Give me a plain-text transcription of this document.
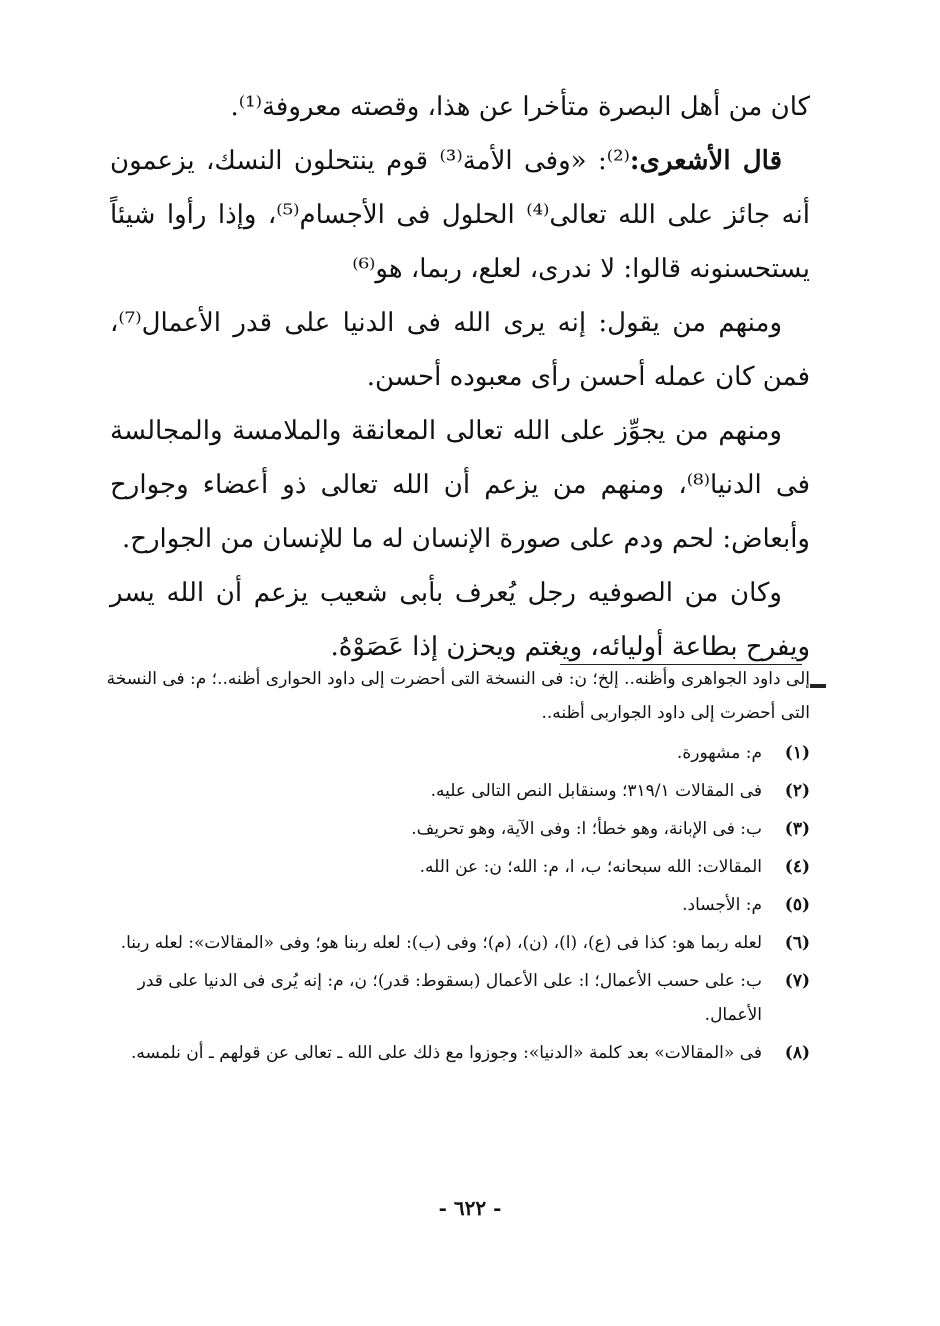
كان من أهل البصرة متأخرا عن هذا، وقصته معروفة⁽¹⁾.

قال الأشعرى:⁽²⁾: «وفى الأمة⁽³⁾ قوم ينتحلون النسك، يزعمون أنه جائز على الله تعالى⁽⁴⁾ الحلول فى الأجسام⁽⁵⁾، وإذا رأوا شيئاً يستحسنونه قالوا: لا ندرى، لعلع، ربما، هو⁽⁶⁾

ومنهم من يقول: إنه يرى الله فى الدنيا على قدر الأعمال⁽⁷⁾، فمن كان عمله أحسن رأى معبوده أحسن.

ومنهم من يجوِّز على الله تعالى المعانقة والملامسة والمجالسة فى الدنيا⁽⁸⁾، ومنهم من يزعم أن الله تعالى ذو أعضاء وجوارح وأبعاض: لحم ودم على صورة الإنسان له ما للإنسان من الجوارح.

وكان من الصوفيه رجل يُعرف بأبى شعيب يزعم أن الله يسر ويفرح بطاعة أوليائه، ويغتم ويحزن إذا عَصَوْهُ.

إلى داود الجواهرى وأظنه.. إلخ؛ ن: فى النسخة التى أحضرت إلى داود الحوارى أظنه..؛ م: فى النسخة التى أحضرت إلى داود الجواربى أظنه..

(١)
م: مشهورة.
(٢)
فى المقالات ٣١٩/١؛ وسنقابل النص التالى عليه.
(٣)
ب: فى الإبانة، وهو خطأ؛ ا: وفى الآية، وهو تحريف.
(٤)
المقالات: الله سبحانه؛ ب، ا، م: الله؛ ن: عن الله.
(٥)
م: الأجساد.
(٦)
لعله ربما هو: كذا فى (ع)، (ا)، (ن)، (م)؛ وفى (ب): لعله ربنا هو؛ وفى «المقالات»: لعله ربنا.
(٧)
ب: على حسب الأعمال؛ ا: على الأعمال (بسقوط: قدر)؛ ن، م: إنه يُرى فى الدنيا على قدر الأعمال.
(٨)
فى «المقالات» بعد كلمة «الدنيا»: وجوزوا مع ذلك على الله ـ تعالى عن قولهم ـ أن نلمسه.
- ٦٢٢ -
